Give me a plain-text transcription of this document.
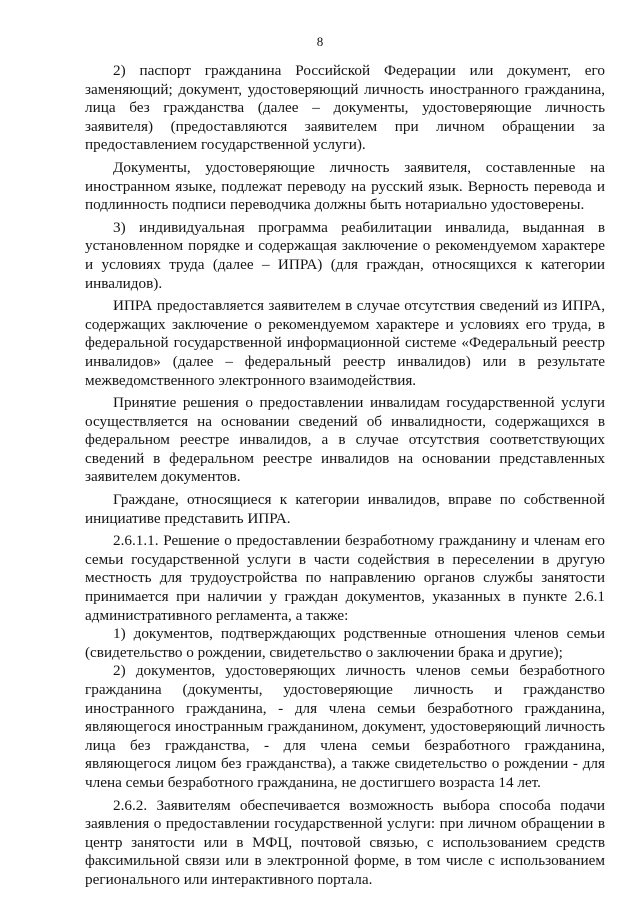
8

2) паспорт гражданина Российской Федерации или документ, его заменяющий; документ, удостоверяющий личность иностранного гражданина, лица без гражданства (далее – документы, удостоверяющие личность заявителя) (предоставляются заявителем при личном обращении за предоставлением государственной услуги).

Документы, удостоверяющие личность заявителя, составленные на иностранном языке, подлежат переводу на русский язык. Верность перевода и подлинность подписи переводчика должны быть нотариально удостоверены.

3) индивидуальная программа реабилитации инвалида, выданная в установленном порядке и содержащая заключение о рекомендуемом характере и условиях труда (далее – ИПРА) (для граждан, относящихся к категории инвалидов).

ИПРА предоставляется заявителем в случае отсутствия сведений из ИПРА, содержащих заключение о рекомендуемом характере и условиях его труда, в федеральной государственной информационной системе «Федеральный реестр инвалидов» (далее – федеральный реестр инвалидов) или в результате межведомственного электронного взаимодействия.

Принятие решения о предоставлении инвалидам государственной услуги осуществляется на основании сведений об инвалидности, содержащихся в федеральном реестре инвалидов, а в случае отсутствия соответствующих сведений в федеральном реестре инвалидов на основании представленных заявителем документов.

Граждане, относящиеся к категории инвалидов, вправе по собственной инициативе представить ИПРА.

2.6.1.1. Решение о предоставлении безработному гражданину и членам его семьи государственной услуги в части содействия в переселении в другую местность для трудоустройства по направлению органов службы занятости принимается при наличии у граждан документов, указанных в пункте 2.6.1 административного регламента, а также:

1) документов, подтверждающих родственные отношения членов семьи (свидетельство о рождении, свидетельство о заключении брака и другие);

2) документов, удостоверяющих личность членов семьи безработного гражданина (документы, удостоверяющие личность и гражданство иностранного гражданина, - для члена семьи безработного гражданина, являющегося иностранным гражданином, документ, удостоверяющий личность лица без гражданства, - для члена семьи безработного гражданина, являющегося лицом без гражданства), а также свидетельство о рождении - для члена семьи безработного гражданина, не достигшего возраста 14 лет.

2.6.2. Заявителям обеспечивается возможность выбора способа подачи заявления о предоставлении государственной услуги: при личном обращении в центр занятости или в МФЦ, почтовой связью, с использованием средств факсимильной связи или в электронной форме, в том числе с использованием регионального или интерактивного портала.
